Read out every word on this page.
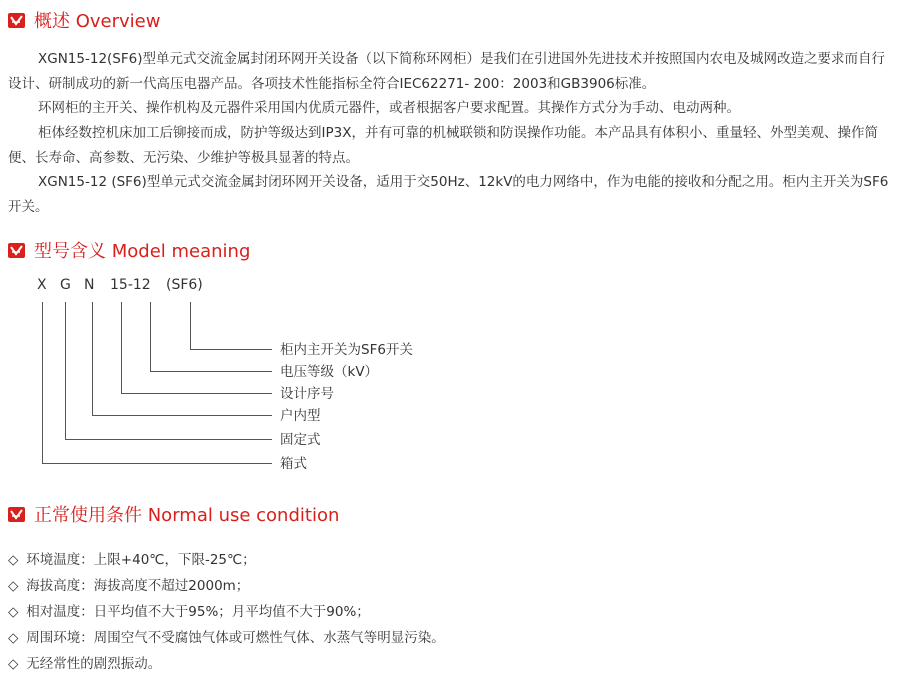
概述 Overview

XGN15-12(SF6)型单元式交流金属封闭环网开关设备（以下简称环网柜）是我们在引进国外先进技术并按照国内农电及城网改造之要求而自行设计、研制成功的新一代高压电器产品。各项技术性能指标全符合IEC62271- 200：2003和GB3906标准。

环网柜的主开关、操作机构及元器件采用国内优质元器件，或者根据客户要求配置。其操作方式分为手动、电动两种。

柜体经数控机床加工后铆接而成，防护等级达到IP3X，并有可靠的机械联锁和防误操作功能。本产品具有体积小、重量轻、外型美观、操作简便、长寿命、高参数、无污染、少维护等极具显著的特点。

XGN15-12 (SF6)型单元式交流金属封闭环网开关设备，适用于交50Hz、12kV的电力网络中，作为电能的接收和分配之用。柜内主开关为SF6开关。

型号含义 Model meaning
X G N 15-12 (SF6)
柜内主开关为SF6开关
电压等级（kV）
设计序号
户内型
固定式
箱式
正常使用条件 Normal use condition
◇ 环境温度：上限+40℃，下限-25℃；
◇ 海拔高度：海拔高度不超过2000m；
◇ 相对温度：日平均值不大于95%；月平均值不大于90%；
◇ 周围环境：周围空气不受腐蚀气体或可燃性气体、水蒸气等明显污染。
◇ 无经常性的剧烈振动。
